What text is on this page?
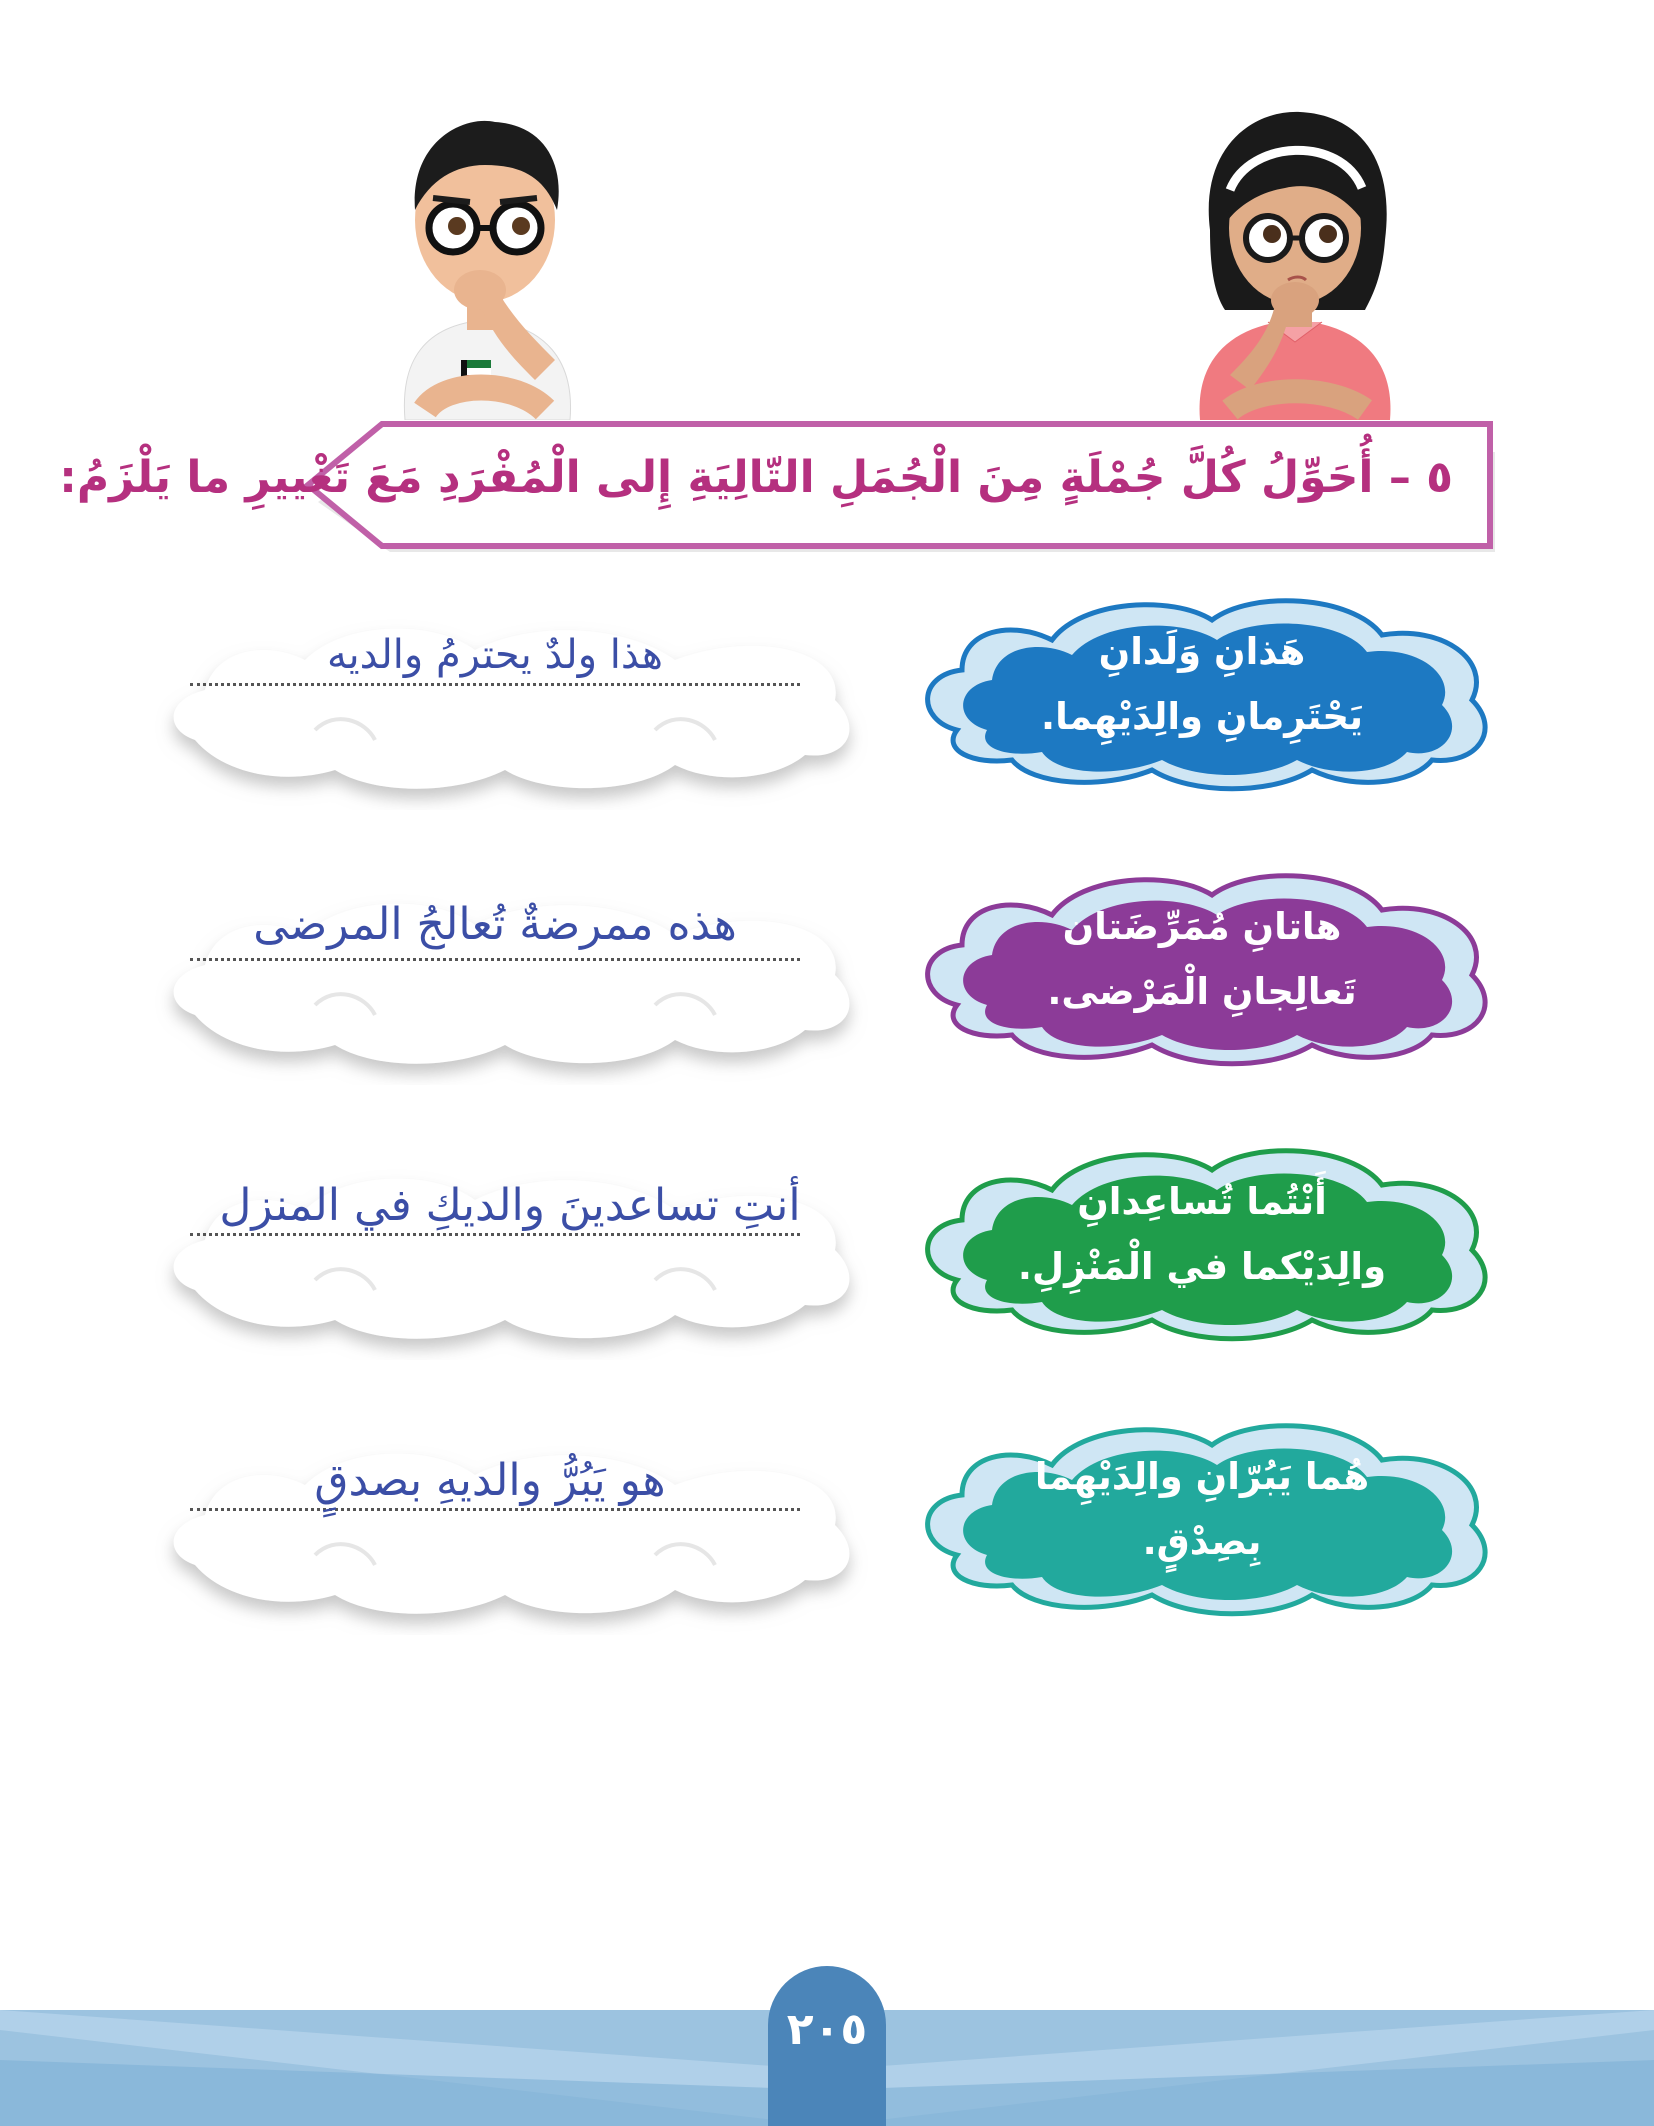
٥ – أُحَوِّلُ كُلَّ جُمْلَةٍ مِنَ الْجُمَلِ التّالِيَةِ إِلى الْمُفْرَدِ مَعَ تَغْييرِ ما يَلْزَمُ:
هذا ولدٌ يحترمُ والديه	هَذانِ وَلَدانِ
يَحْتَرِمانِ والِدَيْهِما.
هذه ممرضةٌ تُعالجُ المرضى	هاتانِ مُمَرِّضَتان
تَعالِجانِ الْمَرْضى.
أنتِ تساعدينَ والديكِ في المنزل	أَنْتُما تُساعِدانِ
والِدَيْكما في الْمَنْزِلِ.
هو يَبُرُّ والديهِ بصدقٍ	هُما يَبُرّانِ والِدَيْهِما
بِصِدْقٍ.
٢٠٥
